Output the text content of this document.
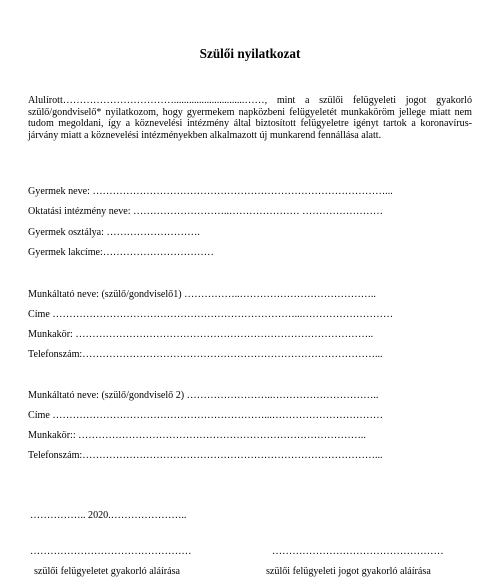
Szülői nyilatkozat
Alulírott……………………………............................……, mint a szülői felügyeleti jogot gyakorló szülő/gondviselő* nyilatkozom, hogy gyermekem napközbeni felügyeletét munkaköröm jellege miatt nem tudom megoldani, így a köznevelési intézmény által biztosított felügyeletre igényt tartok a koronavírus-járvány miatt a köznevelési intézményekben alkalmazott új munkarend fennállása alatt.
Gyermek neve: ……………………………………………………………………………...
Oktatási intézmény neve: ………………………..………………… ……………………
Gyermek osztálya: ……………………….
Gyermek lakcíme:……………………………
Munkáltató neve: (szülő/gondviselő1) ……………..…………………………………..
Címe ………………………………………………………………...………………………
Munkakör: ……………………………………………………………………………..
Telefonszám:……………………………………………………………………………...
Munkáltató neve: (szülő/gondviselő 2) ……………………..…………………………..
Címe ………………………………………………………...……………………………
Munkakör:: …………………………………………………………………………..
Telefonszám:……………………………………………………………………………...
…………….. 2020.…………………..
…………………………………………	……………………………………………
szülői felügyeletet gyakorló aláírása	szülői felügyeleti jogot gyakorló aláírása
